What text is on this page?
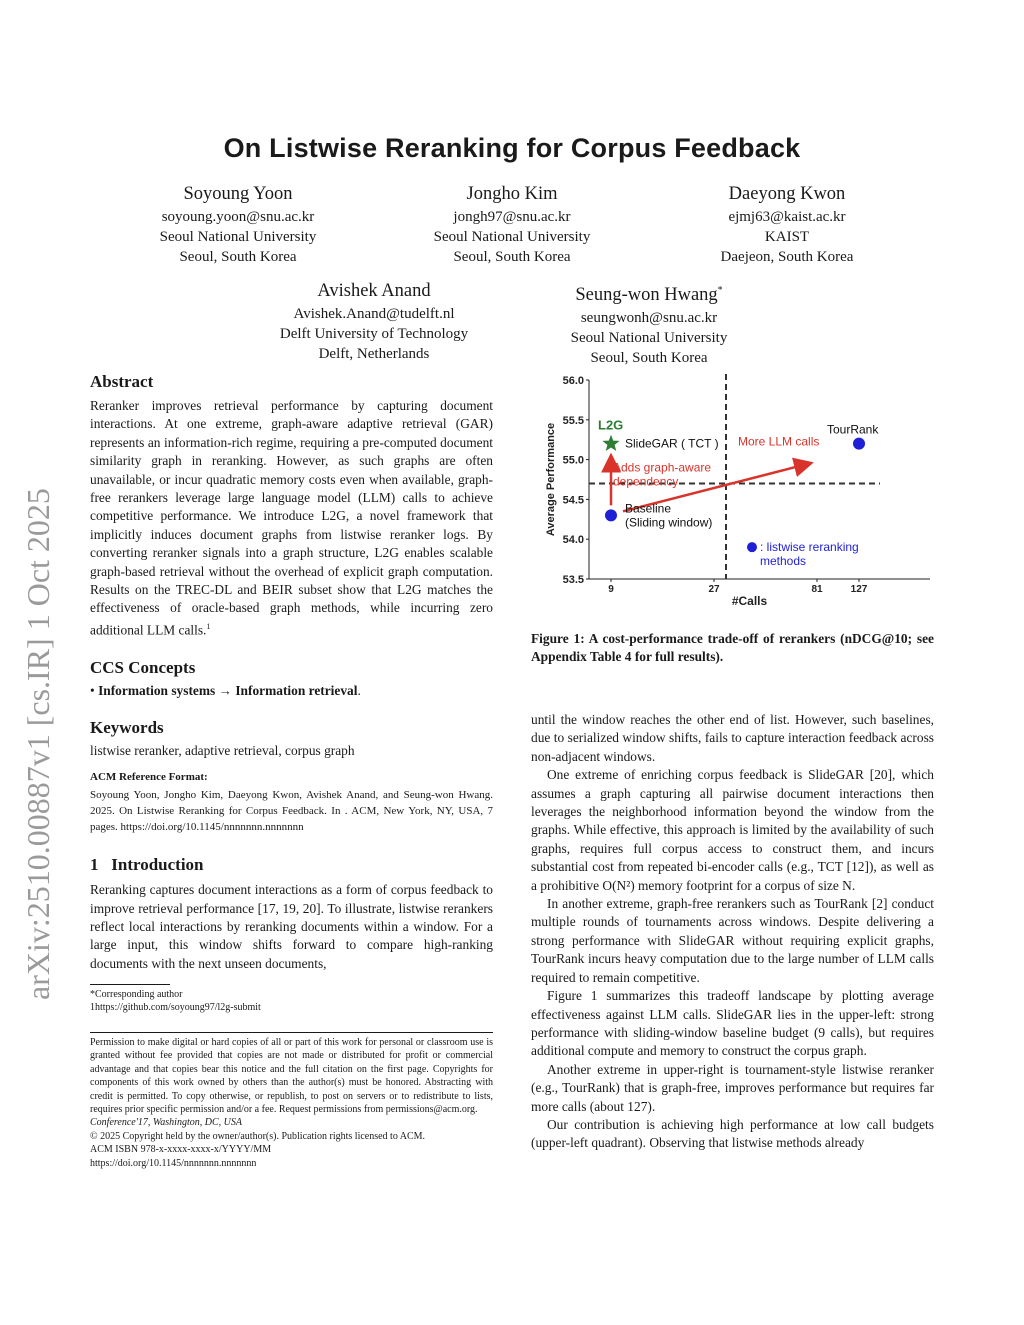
On Listwise Reranking for Corpus Feedback
arXiv:2510.00887v1 [cs.IR] 1 Oct 2025
Soyoung Yoon
soyoung.yoon@snu.ac.kr
Seoul National University
Seoul, South Korea
Jongho Kim
jongh97@snu.ac.kr
Seoul National University
Seoul, South Korea
Daeyong Kwon
ejmj63@kaist.ac.kr
KAIST
Daejeon, South Korea
Avishek Anand
Avishek.Anand@tudelft.nl
Delft University of Technology
Delft, Netherlands
Seung-won Hwang*
seungwonh@snu.ac.kr
Seoul National University
Seoul, South Korea
Abstract

Reranker improves retrieval performance by capturing document interactions. At one extreme, graph-aware adaptive retrieval (GAR) represents an information-rich regime, requiring a pre-computed document similarity graph in reranking. However, as such graphs are often unavailable, or incur quadratic memory costs even when available, graph-free rerankers leverage large language model (LLM) calls to achieve competitive performance. We introduce L2G, a novel framework that implicitly induces document graphs from listwise reranker logs. By converting reranker signals into a graph structure, L2G enables scalable graph-based retrieval without the overhead of explicit graph computation. Results on the TREC-DL and BEIR subset show that L2G matches the effectiveness of oracle-based graph methods, while incurring zero additional LLM calls.$^1$

CCS Concepts

• Information systems → Information retrieval.

Keywords

listwise reranker, adaptive retrieval, corpus graph

ACM Reference Format:

Soyoung Yoon, Jongho Kim, Daeyong Kwon, Avishek Anand, and Seung-won Hwang. 2025. On Listwise Reranking for Corpus Feedback. In . ACM, New York, NY, USA, 7 pages. https://doi.org/10.1145/nnnnnnn.nnnnnnn

1   Introduction

Reranking captures document interactions as a form of corpus feedback to improve retrieval performance [17, 19, 20]. To illustrate, listwise rerankers reflect local interactions by reranking documents within a window. For a large input, this window shifts forward to compare high-ranking documents with the next unseen documents,

*Corresponding author
1https://github.com/soyoung97/l2g-submit

Permission to make digital or hard copies of all or part of this work for personal or classroom use is granted without fee provided that copies are not made or distributed for profit or commercial advantage and that copies bear this notice and the full citation on the first page. Copyrights for components of this work owned by others than the author(s) must be honored. Abstracting with credit is permitted. To copy otherwise, or republish, to post on servers or to redistribute to lists, requires prior specific permission and/or a fee. Request permissions from permissions@acm.org.

Conference'17, Washington, DC, USA

© 2025 Copyright held by the owner/author(s). Publication rights licensed to ACM.

ACM ISBN 978-x-xxxx-xxxx-x/YYYY/MM

https://doi.org/10.1145/nnnnnnn.nnnnnnn

53.5
54.0
54.5
55.0
55.5
56.0
9	27	81	127
#Calls
Average Performance	L2G
SlideGAR ( TCT )
Baseline
(Sliding window)
TourRank
Adds graph-aware
dependency
More LLM calls
: listwise reranking
methods
Figure 1: A cost-performance trade-off of rerankers (nDCG@10; see Appendix Table 4 for full results).

until the window reaches the other end of list. However, such baselines, due to serialized window shifts, fails to capture interaction feedback across non-adjacent windows.

One extreme of enriching corpus feedback is SlideGAR [20], which assumes a graph capturing all pairwise document interactions then leverages the neighborhood information beyond the window from the graphs. While effective, this approach is limited by the availability of such graphs, requires full corpus access to construct them, and incurs substantial cost from repeated bi-encoder calls (e.g., TCT [12]), as well as a prohibitive O(N²) memory footprint for a corpus of size N.

In another extreme, graph-free rerankers such as TourRank [2] conduct multiple rounds of tournaments across windows. Despite delivering a strong performance with SlideGAR without requiring explicit graphs, TourRank incurs heavy computation due to the large number of LLM calls required to remain competitive.

Figure 1 summarizes this tradeoff landscape by plotting average effectiveness against LLM calls. SlideGAR lies in the upper-left: strong performance with sliding-window baseline budget (9 calls), but requires additional compute and memory to construct the corpus graph.

Another extreme in upper-right is tournament-style listwise reranker (e.g., TourRank) that is graph-free, improves performance but requires far more calls (about 127).

Our contribution is achieving high performance at low call budgets (upper-left quadrant). Observing that listwise methods already
